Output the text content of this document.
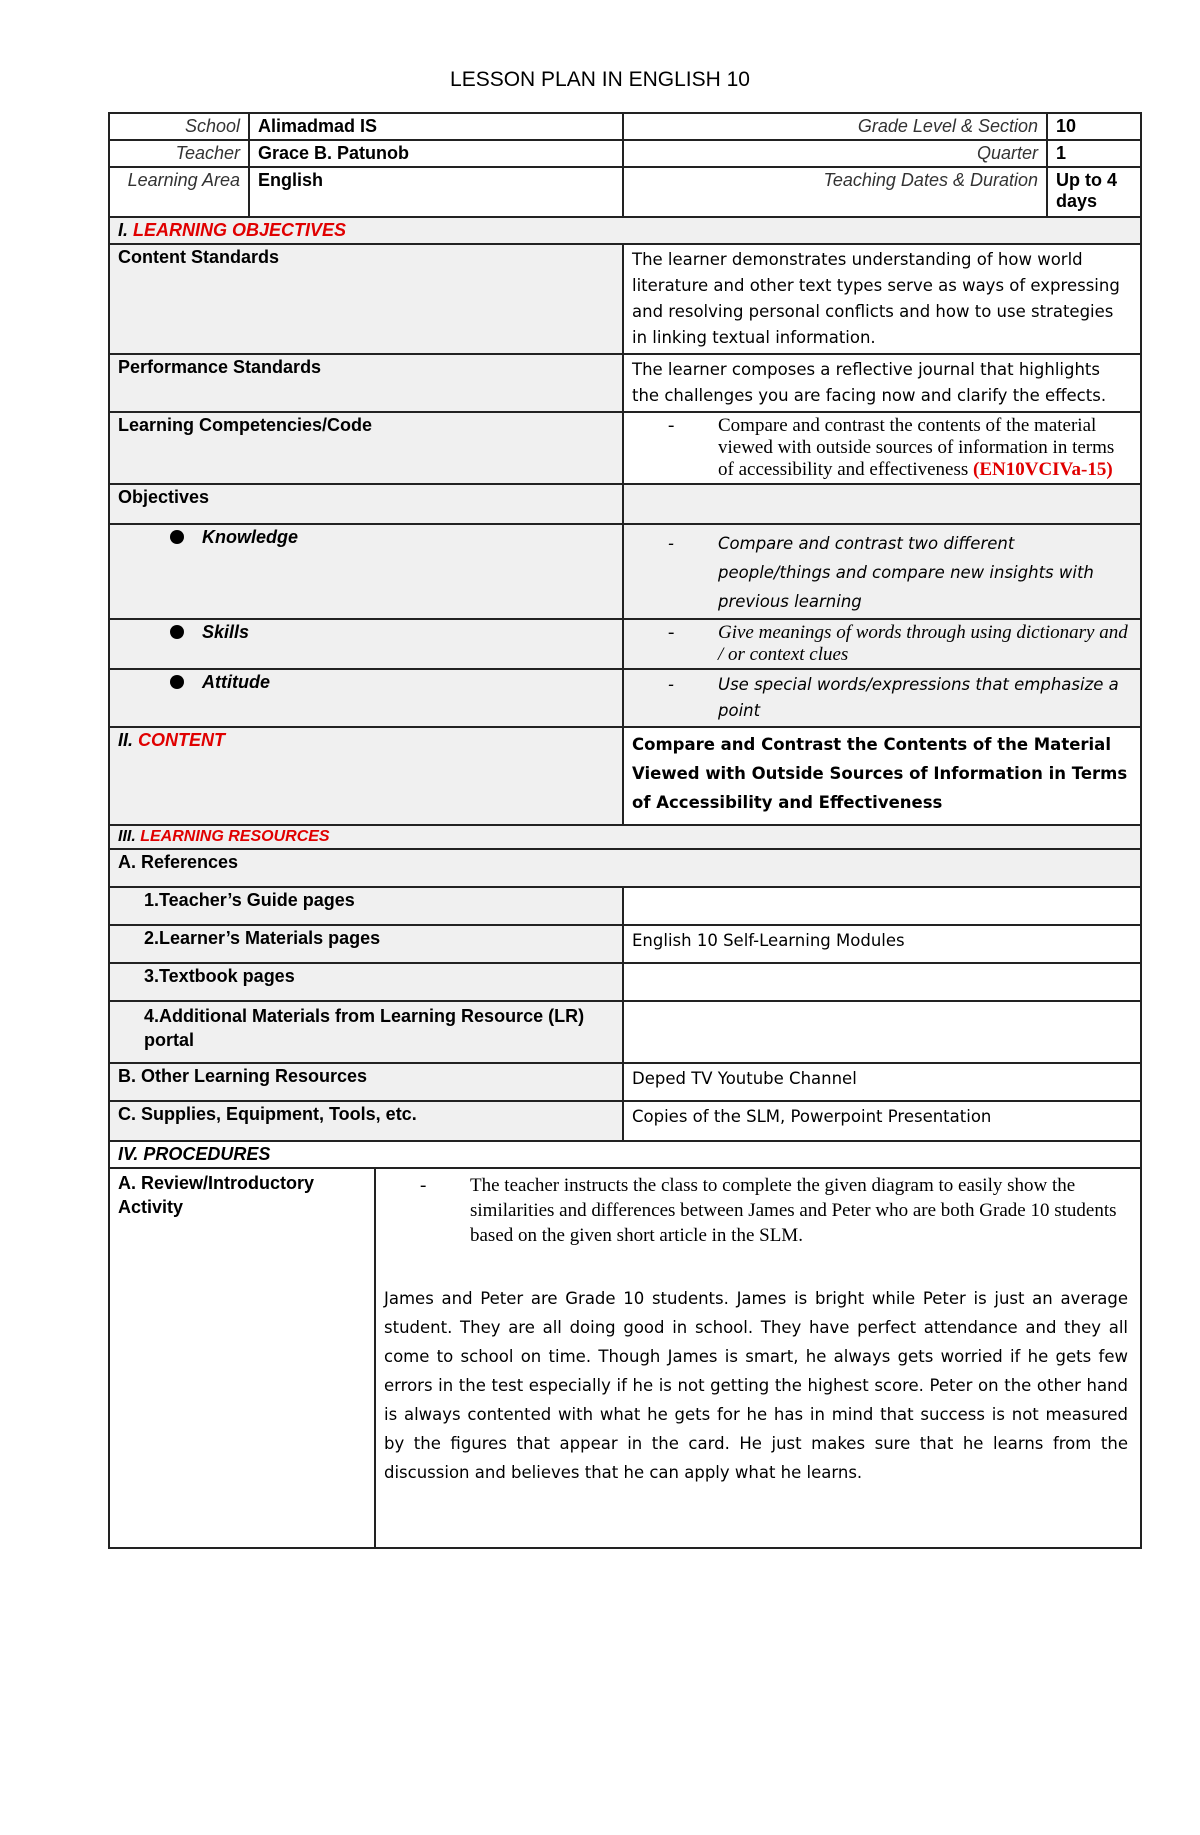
LESSON PLAN IN ENGLISH 10
School	Alimadmad IS		Grade Level & Section	10
Teacher	Grace B. Patunob		Quarter	1
Learning Area	English		Teaching Dates & Duration	Up to 4 days
I. LEARNING OBJECTIVES				
Content Standards			The learner demonstrates understanding of how world literature and other text types serve as ways of expressing and resolving personal conflicts and how to use strategies in linking textual information.	
Performance Standards			The learner composes a reflective journal that highlights the challenges you are facing now and clarify the effects.	
Learning Competencies/Code			- Compare and contrast the contents of the material viewed with outside sources of information in terms of accessibility and effectiveness (EN10VCIVa-15)	

Objectives				
Knowledge			- Compare and contrast two different people/things and compare new insights with previous learning	

Skills			- Give meanings of words through using dictionary and / or context clues	

Attitude			- Use special words/expressions that emphasize a point	

II. CONTENT			Compare and Contrast the Contents of the Material Viewed with Outside Sources of Information in Terms of Accessibility and Effectiveness	
III. LEARNING RESOURCES				
A. References				
1.Teacher’s Guide pages				
2.Learner’s Materials pages			English 10 Self-Learning Modules	
3.Textbook pages				
4.Additional Materials from Learning Resource (LR) portal				
B. Other Learning Resources			Deped TV Youtube Channel	
C. Supplies, Equipment, Tools, etc.			Copies of the SLM, Powerpoint Presentation	
IV. PROCEDURES				
A. Review/Introductory Activity		- The teacher instructs the class to complete the given diagram to easily show the similarities and differences between James and Peter who are both Grade 10 students based on the given short article in the SLM.
James and Peter are Grade 10 students. James is bright while Peter is just an average student. They are all doing good in school. They have perfect attendance and they all come to school on time. Though James is smart, he always gets worried if he gets few errors in the test especially if he is not getting the highest score. Peter on the other hand is always contented with what he gets for he has in mind that success is not measured by the figures that appear in the card. He just makes sure that he learns from the discussion and believes that he can apply what he learns.		
